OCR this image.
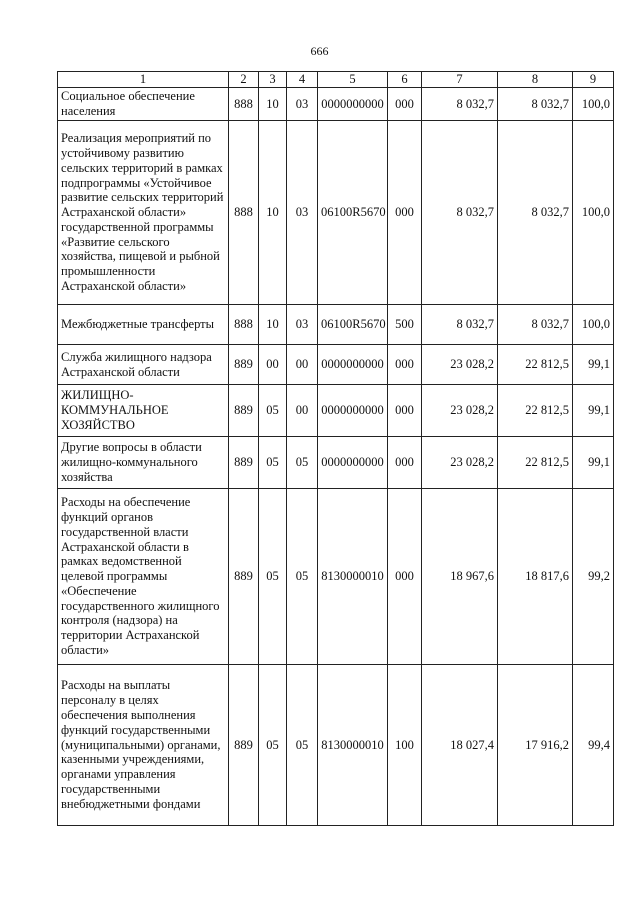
666
1	2	3	4	5	6	7	8	9
Социальное обеспечение населения	888	10	03	0000000000	000	8 032,7	8 032,7	100,0
Реализация мероприятий по устойчивому развитию сельских территорий в рамках подпрограммы «Устойчивое развитие сельских территорий Астраханской области» государственной программы «Развитие сельского хозяйства, пищевой и рыбной промышленности Астраханской области»	888	10	03	06100R5670	000	8 032,7	8 032,7	100,0
Межбюджетные трансферты	888	10	03	06100R5670	500	8 032,7	8 032,7	100,0
Служба жилищного надзора Астраханской области	889	00	00	0000000000	000	23 028,2	22 812,5	99,1
ЖИЛИЩНО-КОММУНАЛЬНОЕ ХОЗЯЙСТВО	889	05	00	0000000000	000	23 028,2	22 812,5	99,1
Другие вопросы в области жилищно-коммунального хозяйства	889	05	05	0000000000	000	23 028,2	22 812,5	99,1
Расходы на обеспечение функций органов государственной власти Астраханской области в рамках ведомственной целевой программы «Обеспечение государственного жилищного контроля (надзора) на территории Астраханской области»	889	05	05	8130000010	000	18 967,6	18 817,6	99,2
Расходы на выплаты персоналу в целях обеспечения выполнения функций государственными (муниципальными) органами, казенными учреждениями, органами управления государственными внебюджетными фондами	889	05	05	8130000010	100	18 027,4	17 916,2	99,4
